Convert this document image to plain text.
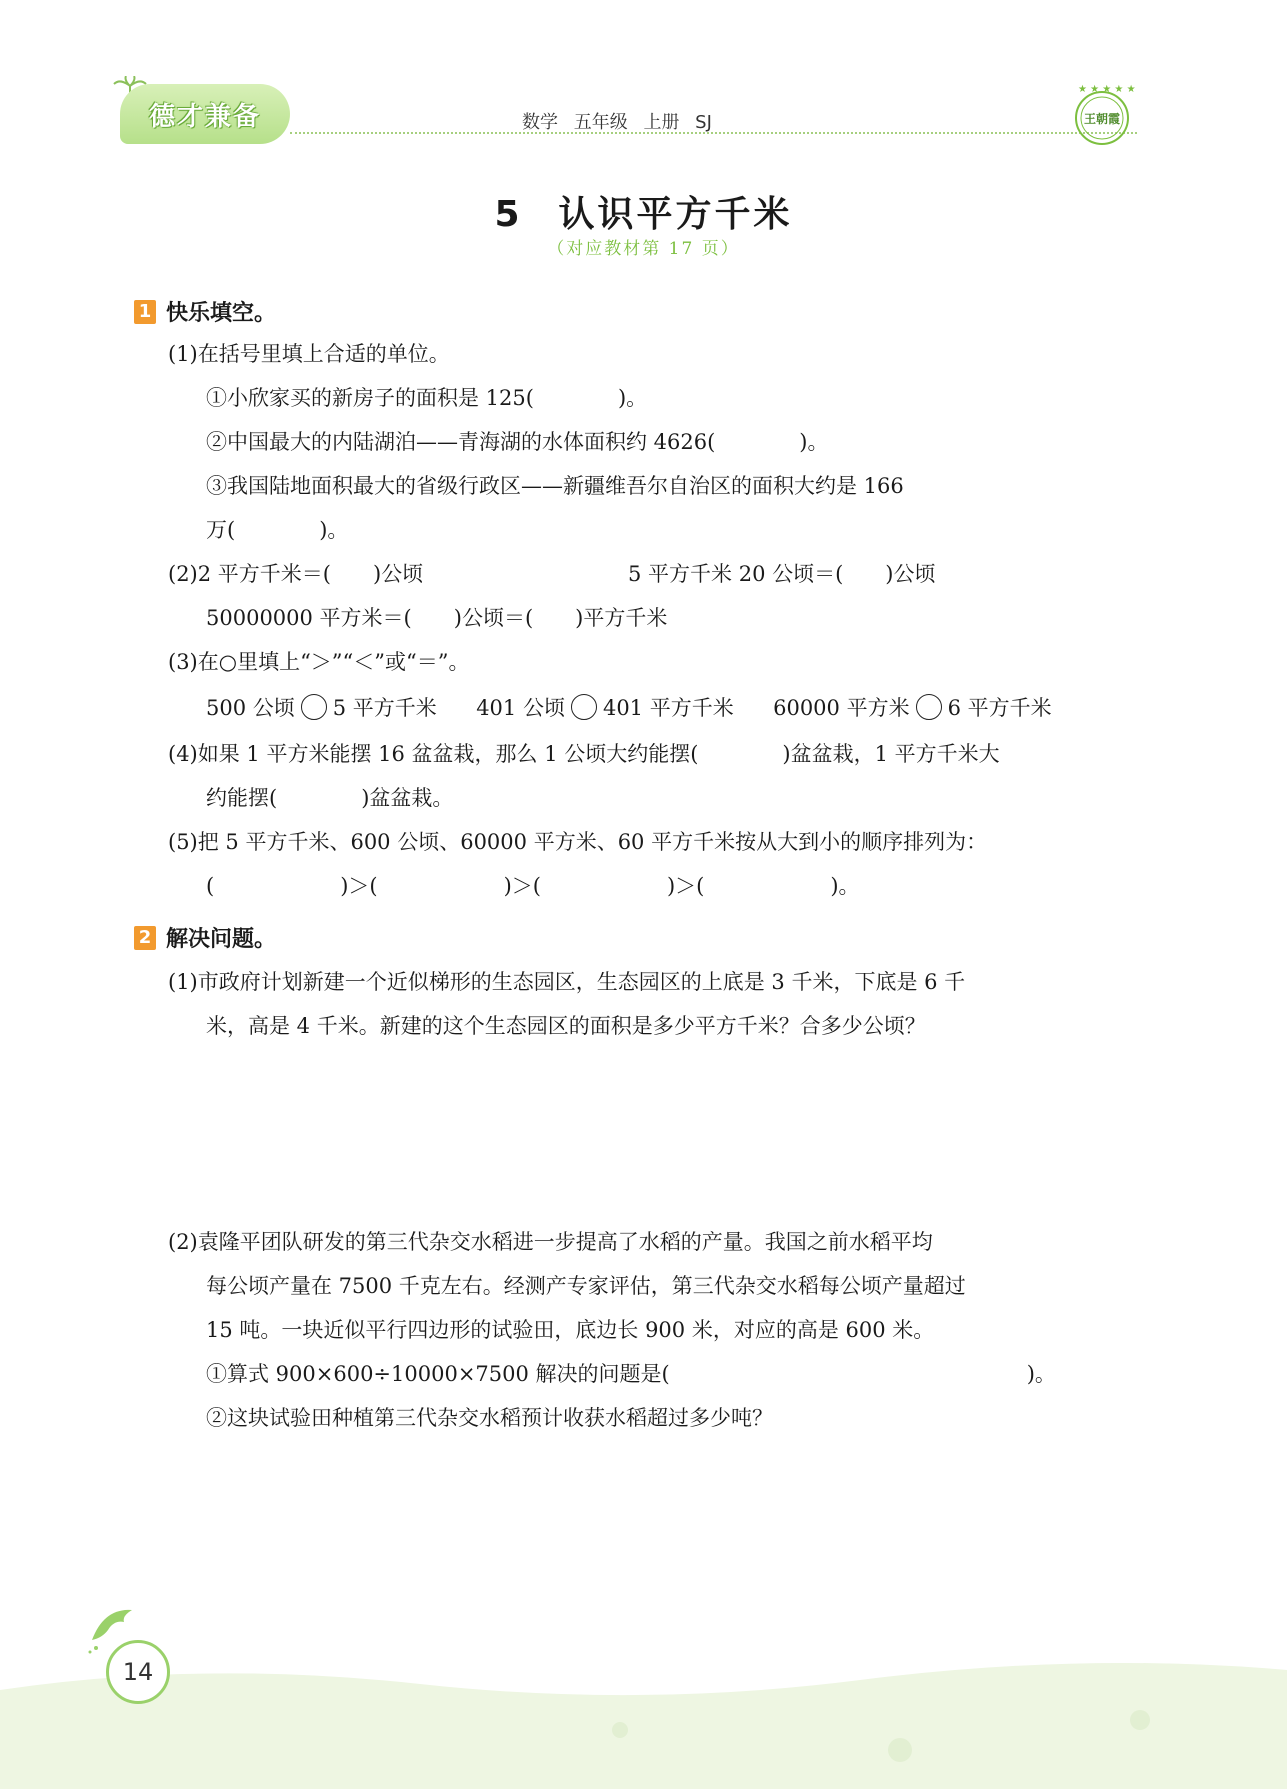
德才兼备	数学 五年级 上册 SJ
★ ★ ★ ★ ★
王朝霞
5 认识平方千米
（对应教材第 17 页）
1 快乐填空。
(1)在括号里填上合适的单位。
①小欣家买的新房子的面积是 125(　　　　)。
②中国最大的内陆湖泊——青海湖的水体面积约 4626(　　　　)。
③我国陆地面积最大的省级行政区——新疆维吾尔自治区的面积大约是 166
万(　　　　)。
(2)2 平方千米＝(　　)公顷	5 平方千米 20 公顷＝(　　)公顷
50000000 平方米＝(　　)公顷＝(　　)平方千米
(3)在○里填上“＞”“＜”或“＝”。
500 公顷 5 平方千米 401 公顷 401 平方千米 60000 平方米 6 平方千米
(4)如果 1 平方米能摆 16 盆盆栽，那么 1 公顷大约能摆(　　　　)盆盆栽，1 平方千米大
约能摆(　　　　)盆盆栽。
(5)把 5 平方千米、600 公顷、60000 平方米、60 平方千米按从大到小的顺序排列为：
(　　　　　　)＞(　　　　　　)＞(　　　　　　)＞(　　　　　　)。
2 解决问题。
(1)市政府计划新建一个近似梯形的生态园区，生态园区的上底是 3 千米，下底是 6 千
米，高是 4 千米。新建的这个生态园区的面积是多少平方千米？合多少公顷？
(2)袁隆平团队研发的第三代杂交水稻进一步提高了水稻的产量。我国之前水稻平均
每公顷产量在 7500 千克左右。经测产专家评估，第三代杂交水稻每公顷产量超过
15 吨。一块近似平行四边形的试验田，底边长 900 米，对应的高是 600 米。
①算式 900×600÷10000×7500 解决的问题是(　　　　　　　　　　　　　　　　　)。
②这块试验田种植第三代杂交水稻预计收获水稻超过多少吨？
14
